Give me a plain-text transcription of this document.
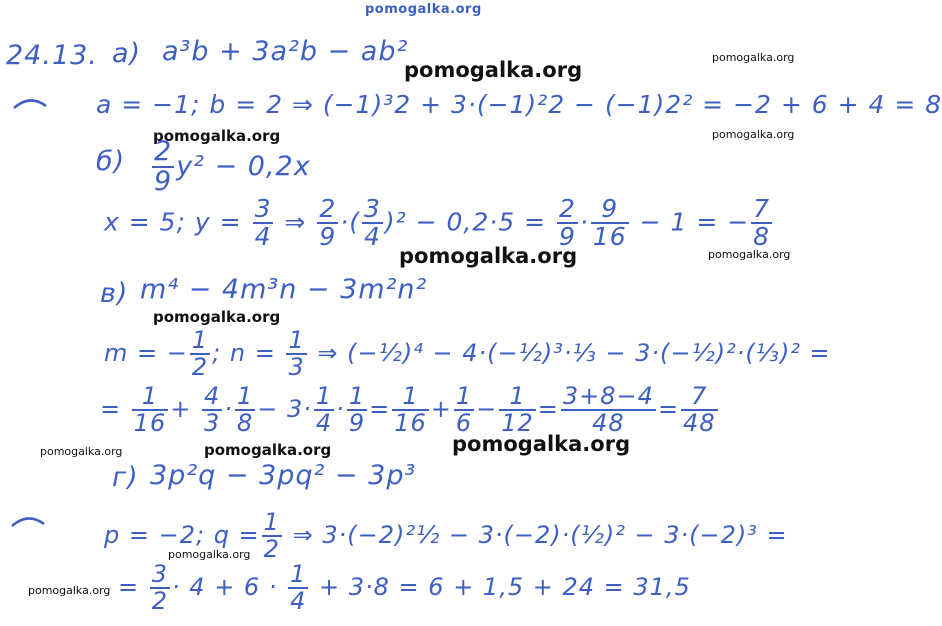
pomogalka.org
24.13. а) a³b + 3a²b − ab²
a = −1; b = 2 ⇒ (−1)³2 + 3·(−1)²2 − (−1)2² = −2 + 6 + 4 = 8
$б) \frac{2}{9} y^2 - 0,2x$
x = 5; $y = \frac{3}{4}$ ⇒ $\frac{2}{9}$ ·( $\frac{3}{4} )^2 - 0,2\cdot 5 = \frac{2}{9} \cdot \frac{9}{16} - 1$ = − $\frac{7}{8}$
в) m⁴ − 4m³n − 3m²n²
m = − $\frac{1}{2}$ ; $n = \frac{1}{3}$ ⇒ (−½)⁴ − 4·(−½)³·⅓ − 3·(−½)²·(⅓)² =
= $\frac{1}{16} + \frac{4}{3} \cdot \frac{1}{8} - 3\cdot \frac{1}{4} \cdot \frac{1}{9} = \frac{1}{16} + \frac{1}{6} - \frac{1}{12} = \frac{3+8-4}{48} = \frac{7}{48}$
г) 3p²q − 3pq² − 3p³
p = −2; $q = \frac{1}{2}$ ⇒ 3·(−2)²½ − 3·(−2)·(½)² − 3·(−2)³ =
= $\frac{3}{2} \cdot 4 + 6 \cdot \frac{1}{4} + 3\cdot 8 = 6 + 1,5 + 24 = 31,5$
pomogalka.org
pomogalka.org
pomogalka.org	pomogalka.org
pomogalka.org	pomogalka.org
pomogalka.org
pomogalka.org
pomogalka.org	pomogalka.org
pomogalka.org
pomogalka.org
